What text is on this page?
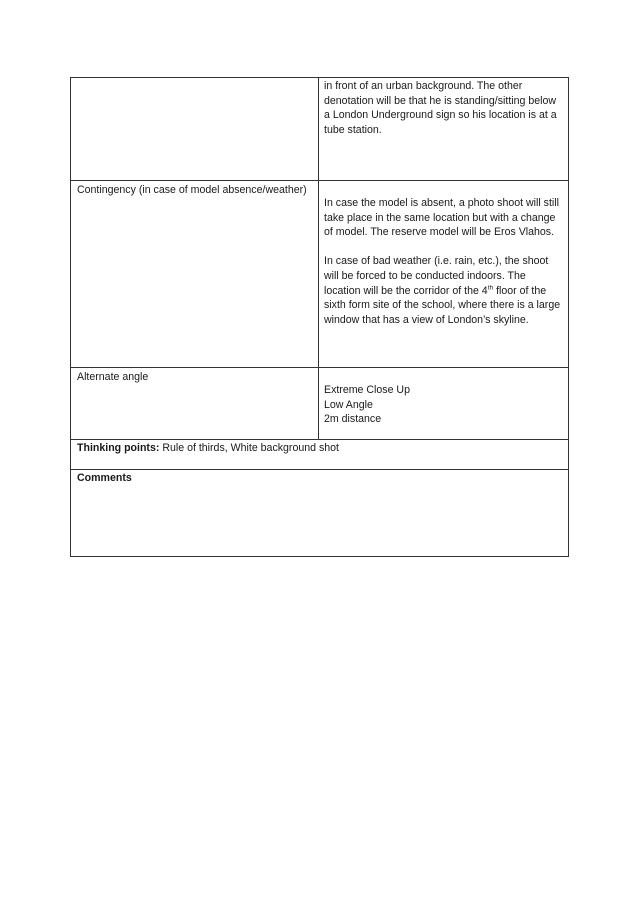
	in front of an urban background. The other denotation will be that he is standing/sitting below a London Underground sign so his location is at a tube station.

Contingency (in case of model absence/weather)	In case the model is absent, a photo shoot will still take place in the same location but with a change of model. The reserve model will be Eros Vlahos.

In case of bad weather (i.e. rain, etc.), the shoot will be forced to be conducted indoors. The location will be the corridor of the 4th floor of the sixth form site of the school, where there is a large window that has a view of London’s skyline.

Alternate angle	Extreme Close Up
Low Angle
2m distance

Thinking points: Rule of thirds, White background shot	

Comments	
